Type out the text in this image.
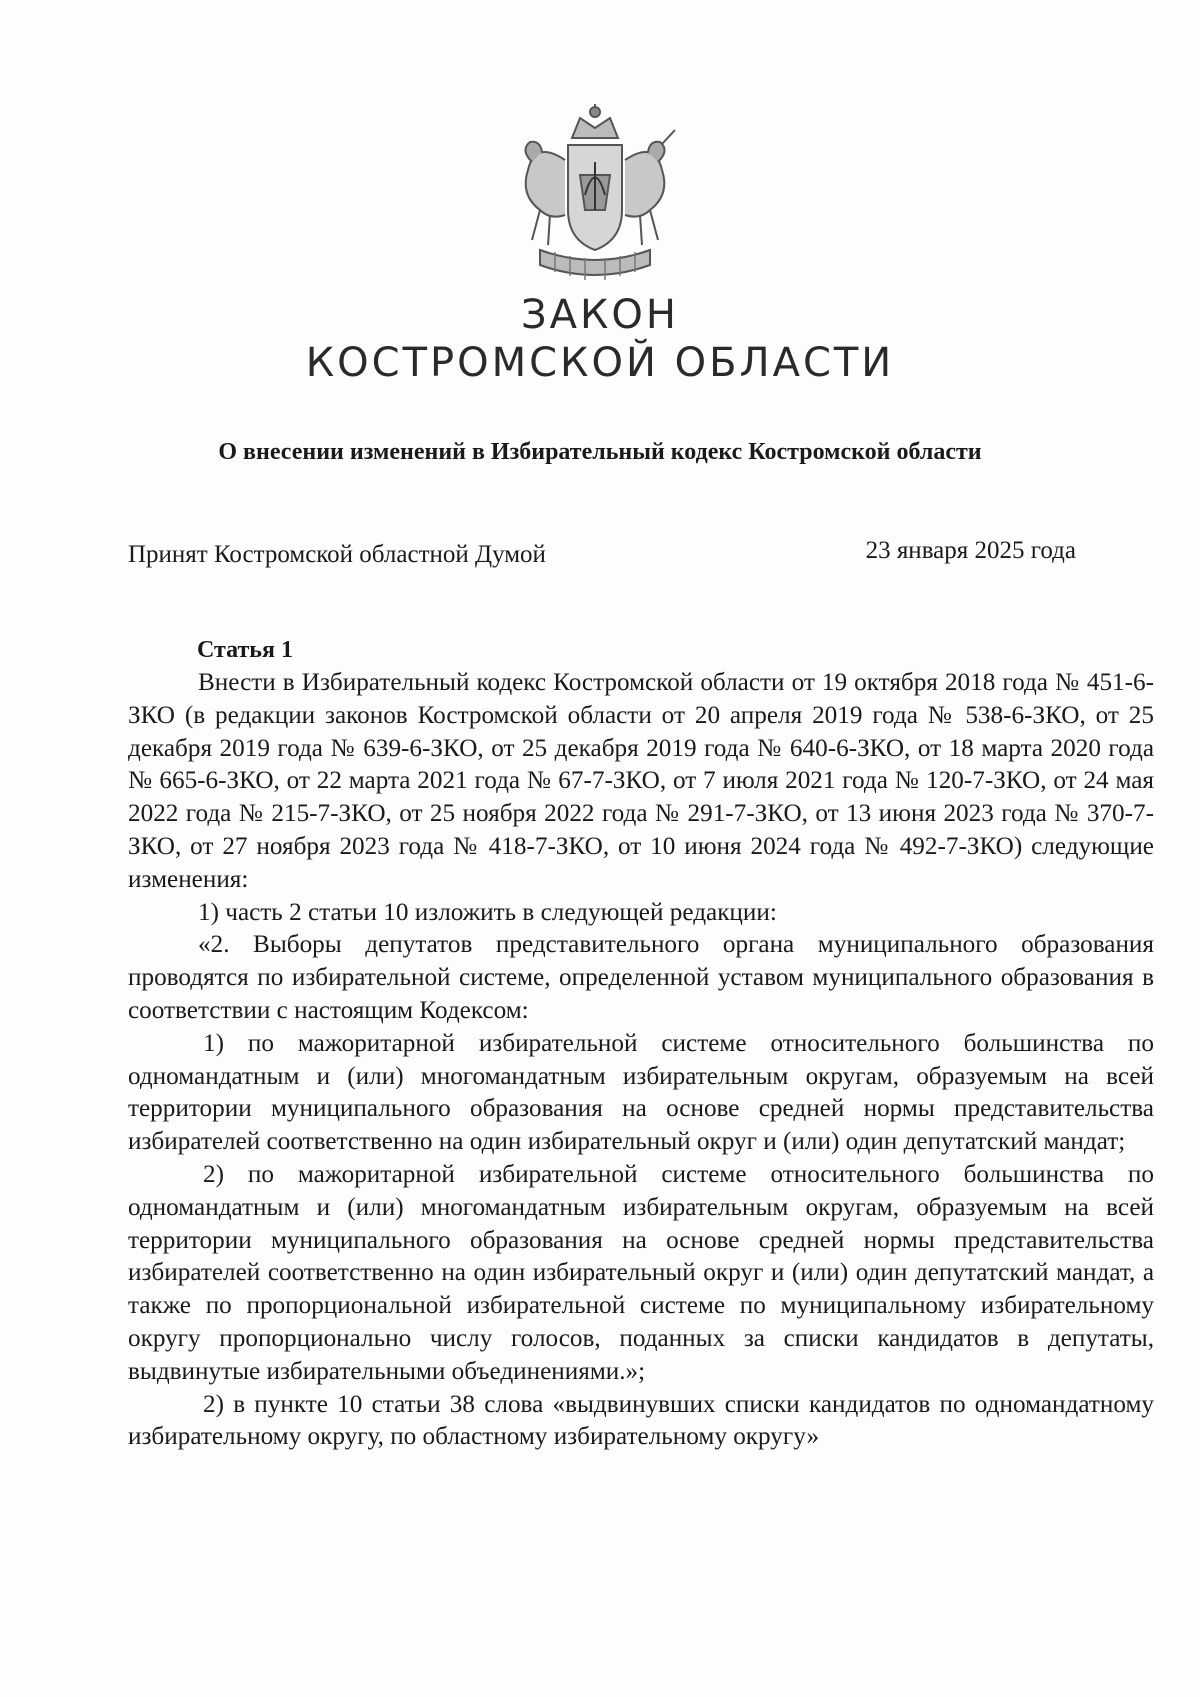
ЗАКОН
КОСТРОМСКОЙ ОБЛАСТИ
О внесении изменений в Избирательный кодекс Костромской области
Принят Костромской областной Думой	23 января 2025 года
Статья 1

Внести в Избирательный кодекс Костромской области от 19 октября 2018 года № 451-6-ЗКО (в редакции законов Костромской области от 20 апреля 2019 года № 538-6-ЗКО, от 25 декабря 2019 года № 639-6-ЗКО, от 25 декабря 2019 года № 640-6-ЗКО, от 18 марта 2020 года № 665-6-ЗКО, от 22 марта 2021 года № 67-7-ЗКО, от 7 июля 2021 года № 120-7-ЗКО, от 24 мая 2022 года № 215-7-ЗКО, от 25 ноября 2022 года № 291-7-ЗКО, от 13 июня 2023 года № 370-7-ЗКО, от 27 ноября 2023 года № 418-7-ЗКО, от 10 июня 2024 года № 492-7-ЗКО) следующие изменения:

1) часть 2 статьи 10 изложить в следующей редакции:

«2. Выборы депутатов представительного органа муниципального образования проводятся по избирательной системе, определенной уставом муниципального образования в соответствии с настоящим Кодексом:

1) по мажоритарной избирательной системе относительного большинства по одномандатным и (или) многомандатным избирательным округам, образуемым на всей территории муниципального образования на основе средней нормы представительства избирателей соответственно на один избирательный округ и (или) один депутатский мандат;

2) по мажоритарной избирательной системе относительного большинства по одномандатным и (или) многомандатным избирательным округам, образуемым на всей территории муниципального образования на основе средней нормы представительства избирателей соответственно на один избирательный округ и (или) один депутатский мандат, а также по пропорциональной избирательной системе по муниципальному избирательному округу пропорционально числу голосов, поданных за списки кандидатов в депутаты, выдвинутые избирательными объединениями.»;

2) в пункте 10 статьи 38 слова «выдвинувших списки кандидатов по одномандатному избирательному округу, по областному избирательному округу»
